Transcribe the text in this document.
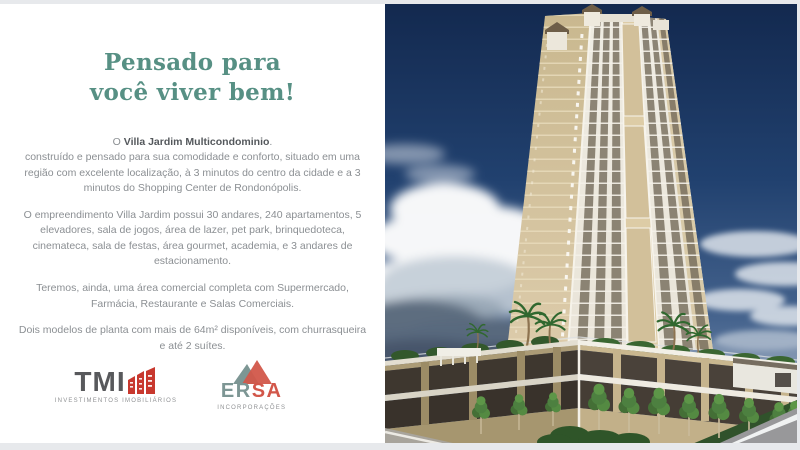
Pensado para
você viver bem!

O Villa Jardim Multicondominio.
construído e pensado para sua comodidade e conforto, situado em uma região com excelente localização, à 3 minutos do centro da cidade e a 3 minutos do Shopping Center de Rondonópolis.

O empreendimento Villa Jardim possui 30 andares, 240 apartamentos, 5 elevadores, sala de jogos, área de lazer, pet park, brinquedoteca, cinemateca, sala de festas, área gourmet, academia, e 3 andares de estacionamento.

Teremos, ainda, uma área comercial completa com Supermercado, Farmácia, Restaurante e Salas Comerciais.

Dois modelos de planta com mais de 64m² disponíveis, com churrasqueira e até 2 suítes.

TMI
INVESTIMENTOS IMOBILIÁRIOS ERSA
INCORPORAÇÕES
